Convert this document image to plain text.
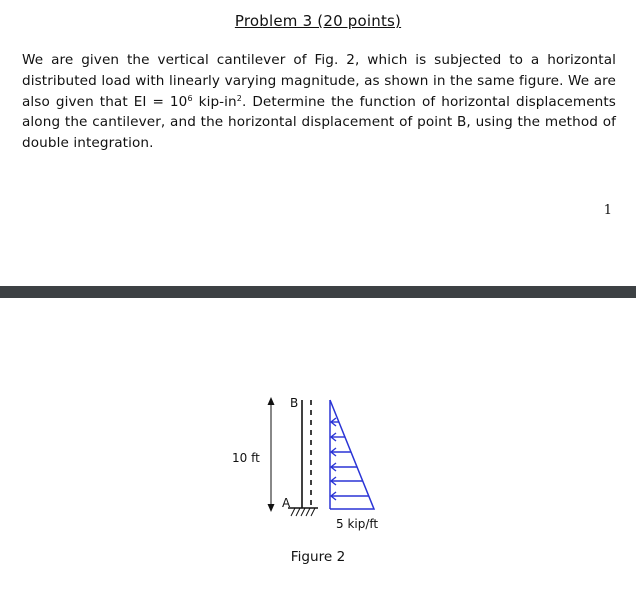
Problem 3 (20 points)
We are given the vertical cantilever of Fig. 2, which is subjected to a horizontal distributed load with linearly varying magnitude, as shown in the same figure. We are also given that EI = $10^6$ kip-$in^2$. Determine the function of horizontal displacements along the cantilever, and the horizontal displacement of point B, using the method of double integration.
1
B
A
10 ft
5 kip/ft
Figure 2
